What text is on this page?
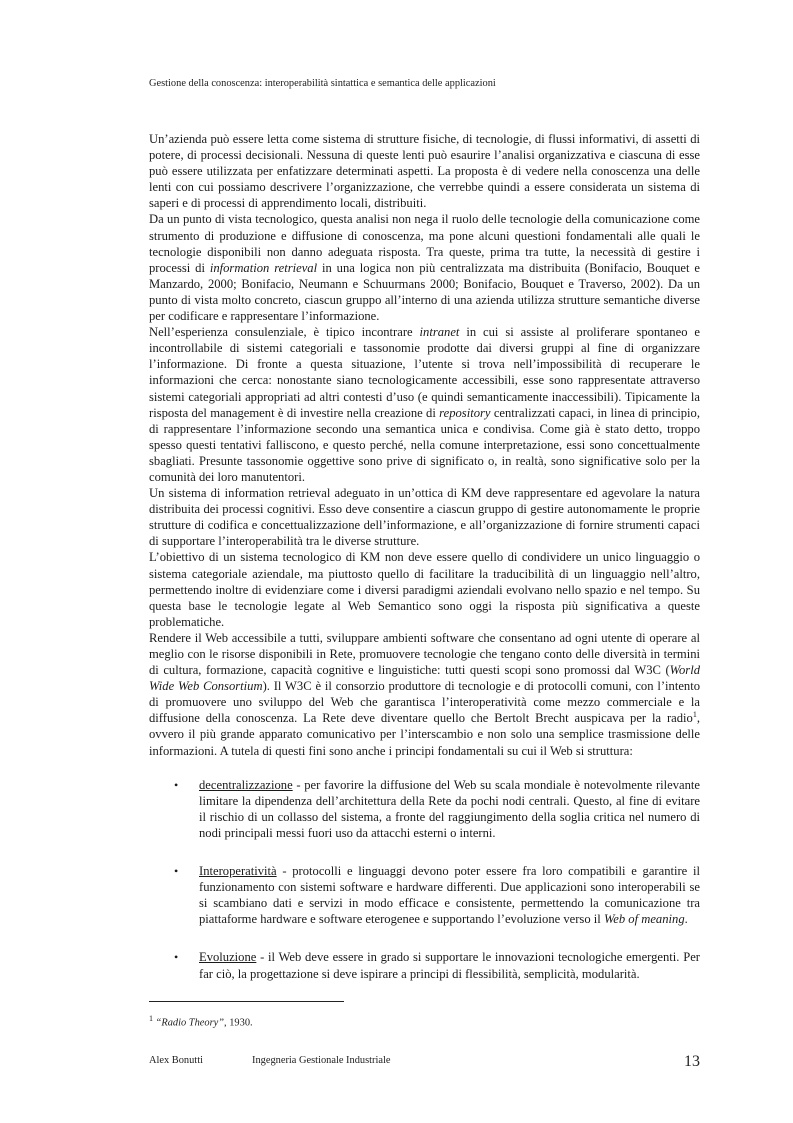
Gestione della conoscenza: interoperabilità sintattica e semantica delle applicazioni

Un’azienda può essere letta come sistema di strutture fisiche, di tecnologie, di flussi informativi, di assetti di potere, di processi decisionali. Nessuna di queste lenti può esaurire l’analisi organizzativa e ciascuna di esse può essere utilizzata per enfatizzare determinati aspetti. La proposta è di vedere nella conoscenza una delle lenti con cui possiamo descrivere l’organizzazione, che verrebbe quindi a essere considerata un sistema di saperi e di processi di apprendimento locali, distribuiti.

Da un punto di vista tecnologico, questa analisi non nega il ruolo delle tecnologie della comunicazione come strumento di produzione e diffusione di conoscenza, ma pone alcuni questioni fondamentali alle quali le tecnologie disponibili non danno adeguata risposta. Tra queste, prima tra tutte, la necessità di gestire i processi di information retrieval in una logica non più centralizzata ma distribuita (Bonifacio, Bouquet e Manzardo, 2000; Bonifacio, Neumann e Schuurmans 2000; Bonifacio, Bouquet e Traverso, 2002). Da un punto di vista molto concreto, ciascun gruppo all’interno di una azienda utilizza strutture semantiche diverse per codificare e rappresentare l’informazione.

Nell’esperienza consulenziale, è tipico incontrare intranet in cui si assiste al proliferare spontaneo e incontrollabile di sistemi categoriali e tassonomie prodotte dai diversi gruppi al fine di organizzare l’informazione. Di fronte a questa situazione, l’utente si trova nell’impossibilità di recuperare le informazioni che cerca: nonostante siano tecnologicamente accessibili, esse sono rappresentate attraverso sistemi categoriali appropriati ad altri contesti d’uso (e quindi semanticamente inaccessibili). Tipicamente la risposta del management è di investire nella creazione di repository centralizzati capaci, in linea di principio, di rappresentare l’informazione secondo una semantica unica e condivisa. Come già è stato detto, troppo spesso questi tentativi falliscono, e questo perché, nella comune interpretazione, essi sono concettualmente sbagliati. Presunte tassonomie oggettive sono prive di significato o, in realtà, sono significative solo per la comunità dei loro manutentori.

Un sistema di information retrieval adeguato in un’ottica di KM deve rappresentare ed agevolare la natura distribuita dei processi cognitivi. Esso deve consentire a ciascun gruppo di gestire autonomamente le proprie strutture di codifica e concettualizzazione dell’informazione, e all’organizzazione di fornire strumenti capaci di supportare l’interoperabilità tra le diverse strutture.

L’obiettivo di un sistema tecnologico di KM non deve essere quello di condividere un unico linguaggio o sistema categoriale aziendale, ma piuttosto quello di facilitare la traducibilità di un linguaggio nell’altro, permettendo inoltre di evidenziare come i diversi paradigmi aziendali evolvano nello spazio e nel tempo. Su questa base le tecnologie legate al Web Semantico sono oggi la risposta più significativa a queste problematiche.

Rendere il Web accessibile a tutti, sviluppare ambienti software che consentano ad ogni utente di operare al meglio con le risorse disponibili in Rete, promuovere tecnologie che tengano conto delle diversità in termini di cultura, formazione, capacità cognitive e linguistiche: tutti questi scopi sono promossi dal W3C (World Wide Web Consortium). Il W3C è il consorzio produttore di tecnologie e di protocolli comuni, con l’intento di promuovere uno sviluppo del Web che garantisca l’interoperatività come mezzo commerciale e la diffusione della conoscenza. La Rete deve diventare quello che Bertolt Brecht auspicava per la radio$^1$, ovvero il più grande apparato comunicativo per l’interscambio e non solo una semplice trasmissione delle informazioni. A tutela di questi fini sono anche i principi fondamentali su cui il Web si struttura:

• decentralizzazione - per favorire la diffusione del Web su scala mondiale è notevolmente rilevante limitare la dipendenza dell’architettura della Rete da pochi nodi centrali. Questo, al fine di evitare il rischio di un collasso del sistema, a fronte del raggiungimento della soglia critica nel numero di nodi principali messi fuori uso da attacchi esterni o interni.
• Interoperatività - protocolli e linguaggi devono poter essere fra loro compatibili e garantire il funzionamento con sistemi software e hardware differenti. Due applicazioni sono interoperabili se si scambiano dati e servizi in modo efficace e consistente, permettendo la comunicazione tra piattaforme hardware e software eterogenee e supportando l’evoluzione verso il Web of meaning.
• Evoluzione - il Web deve essere in grado si supportare le innovazioni tecnologiche emergenti. Per far ciò, la progettazione si deve ispirare a principi di flessibilità, semplicità, modularità.
$^1$ “Radio Theory”, 1930.
Alex Bonutti	Ingegneria Gestionale Industriale	13
